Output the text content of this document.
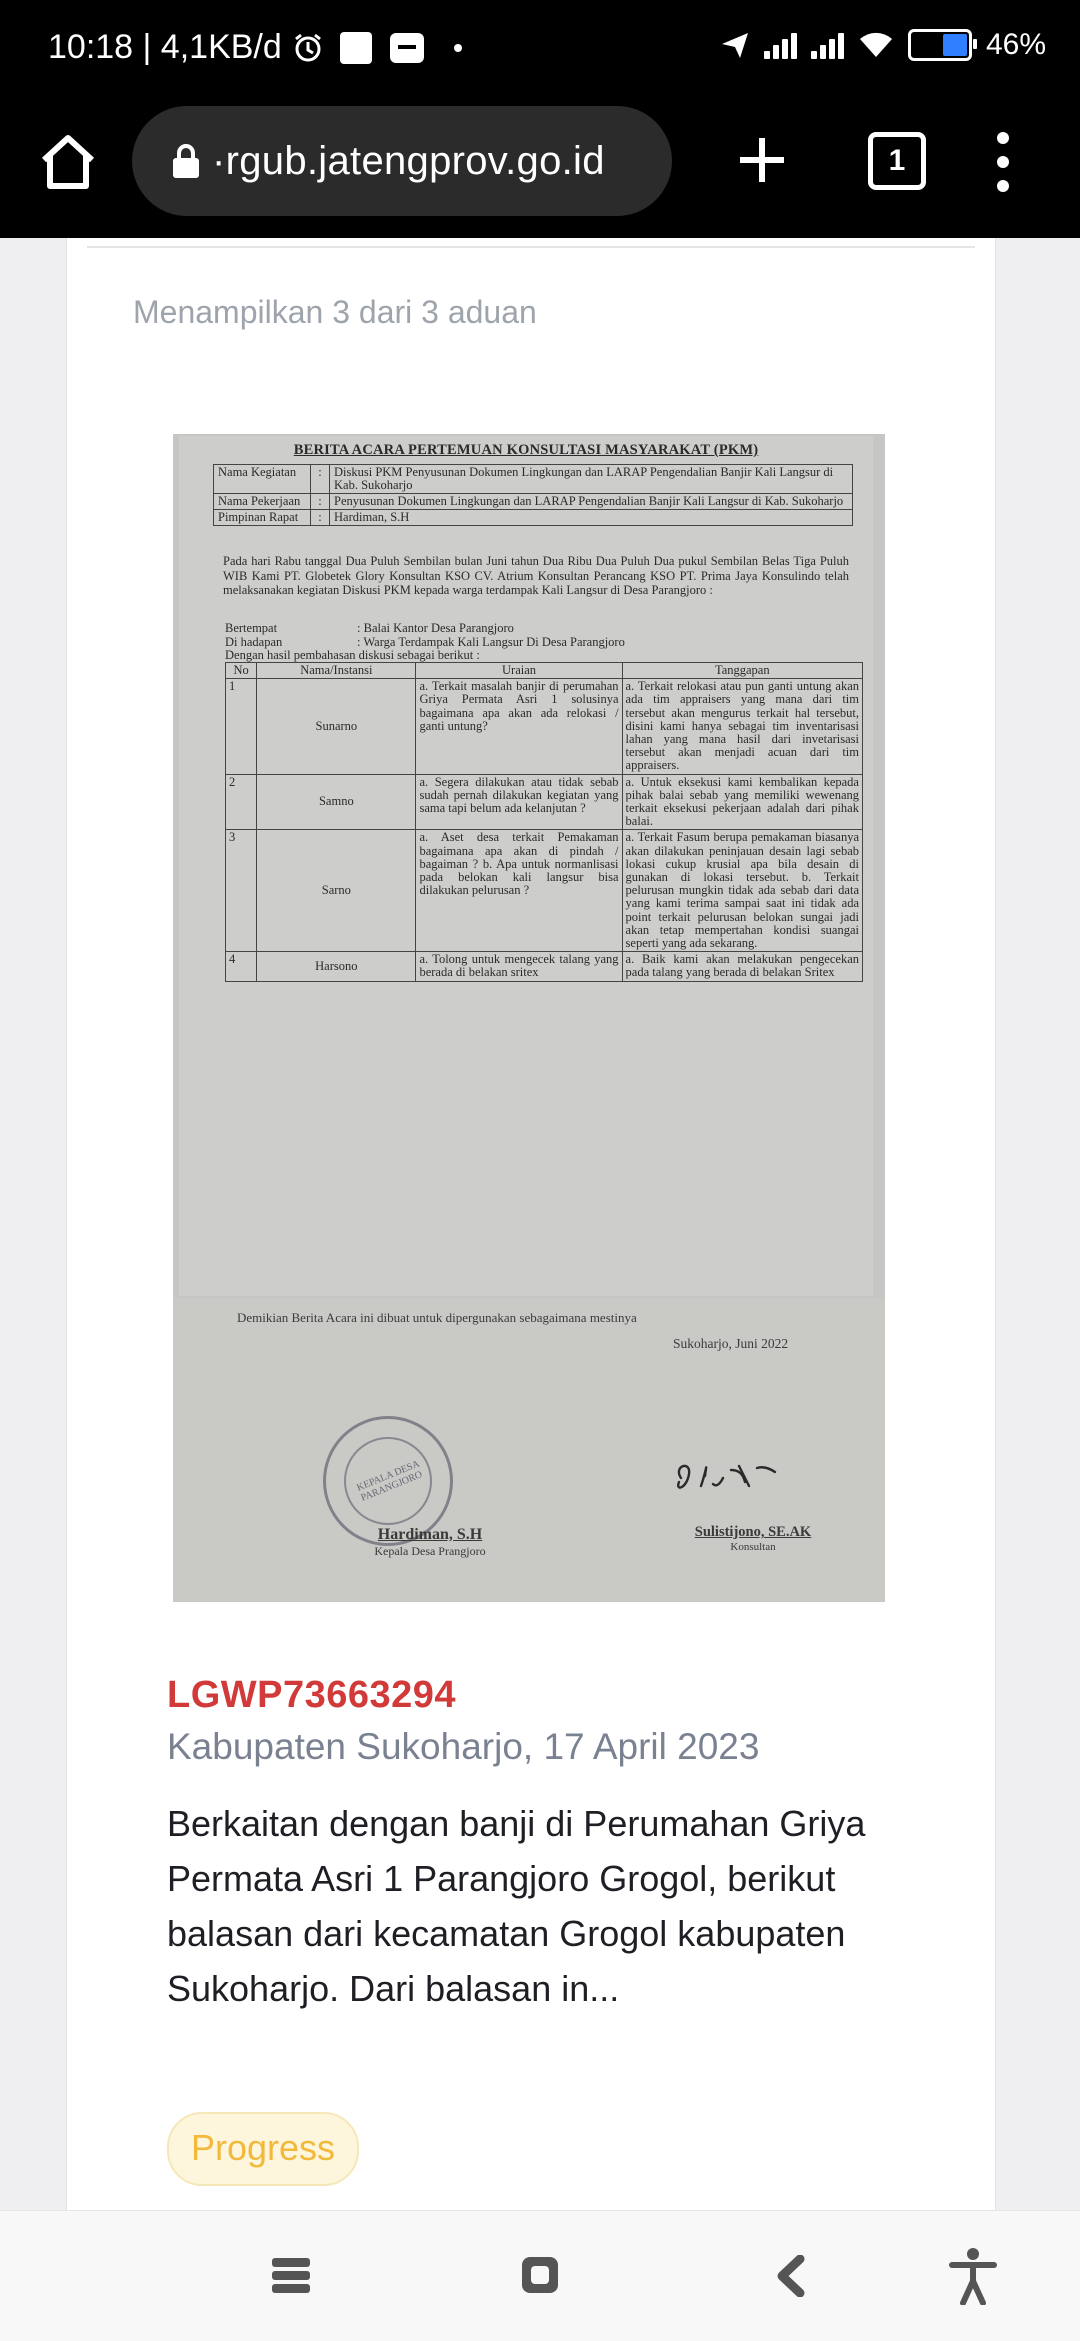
10:18 | 4,1KB/d	46%
·rgub.jatengprov.go.id	1
Menampilkan 3 dari 3 aduan
BERITA ACARA PERTEMUAN KONSULTASI MASYARAKAT (PKM)
Nama Kegiatan	:	Diskusi PKM Penyusunan Dokumen Lingkungan dan LARAP Pengendalian Banjir Kali Langsur di Kab. Sukoharjo
Nama Pekerjaan	:	Penyusunan Dokumen Lingkungan dan LARAP Pengendalian Banjir Kali Langsur di Kab. Sukoharjo
Pimpinan Rapat	:	Hardiman, S.H
Pada hari Rabu tanggal Dua Puluh Sembilan bulan Juni tahun Dua Ribu Dua Puluh Dua pukul Sembilan Belas Tiga Puluh WIB Kami PT. Globetek Glory Konsultan KSO CV. Atrium Konsultan Perancang KSO PT. Prima Jaya Konsulindo telah melaksanakan kegiatan Diskusi PKM kepada warga terdampak Kali Langsur di Desa Parangjoro :
Bertempat	: Balai Kantor Desa Parangjoro
Di hadapan	: Warga Terdampak Kali Langsur Di Desa Parangjoro
Dengan hasil pembahasan diskusi sebagai berikut :
No	Nama/Instansi	Uraian	Tanggapan
1	Sunarno	a. Terkait masalah banjir di perumahan Griya Permata Asri 1 solusinya bagaimana apa akan ada relokasi / ganti untung?	a. Terkait relokasi atau pun ganti untung akan ada tim appraisers yang mana dari tim tersebut akan mengurus terkait hal tersebut, disini kami hanya sebagai tim inventarisasi lahan yang mana hasil dari invetarisasi tersebut akan menjadi acuan dari tim appraisers.
2	Samno	a. Segera dilakukan atau tidak sebab sudah pernah dilakukan kegiatan yang sama tapi belum ada kelanjutan ?	a. Untuk eksekusi kami kembalikan kepada pihak balai sebab yang memiliki wewenang terkait eksekusi pekerjaan adalah dari pihak balai.
3	Sarno	a. Aset desa terkait Pemakaman bagaimana apa akan di pindah / bagaiman ? b. Apa untuk normanlisasi pada belokan kali langsur bisa dilakukan pelurusan ?	a. Terkait Fasum berupa pemakaman biasanya akan dilakukan peninjauan desain lagi sebab lokasi cukup krusial apa bila desain di gunakan di lokasi tersebut. b. Terkait pelurusan mungkin tidak ada sebab dari data yang kami terima sampai saat ini tidak ada point terkait pelurusan belokan sungai jadi akan tetap mempertahan kondisi suangai seperti yang ada sekarang.
4	Harsono	a. Tolong untuk mengecek talang yang berada di belakan sritex	a. Baik kami akan melakukan pengecekan pada talang yang berada di belakan Sritex
Demikian Berita Acara ini dibuat untuk dipergunakan sebagaimana mestinya
Sukoharjo, Juni 2022
KEPALA DESA PARANGJORO
Hardiman, S.H
Kepala Desa Prangjoro
Sulistijono, SE.AK
Konsultan
LGWP73663294
Kabupaten Sukoharjo, 17 April 2023
Berkaitan dengan banji di Perumahan Griya Permata Asri 1 Parangjoro Grogol, berikut balasan dari kecamatan Grogol kabupaten Sukoharjo. Dari balasan in...
Progress
